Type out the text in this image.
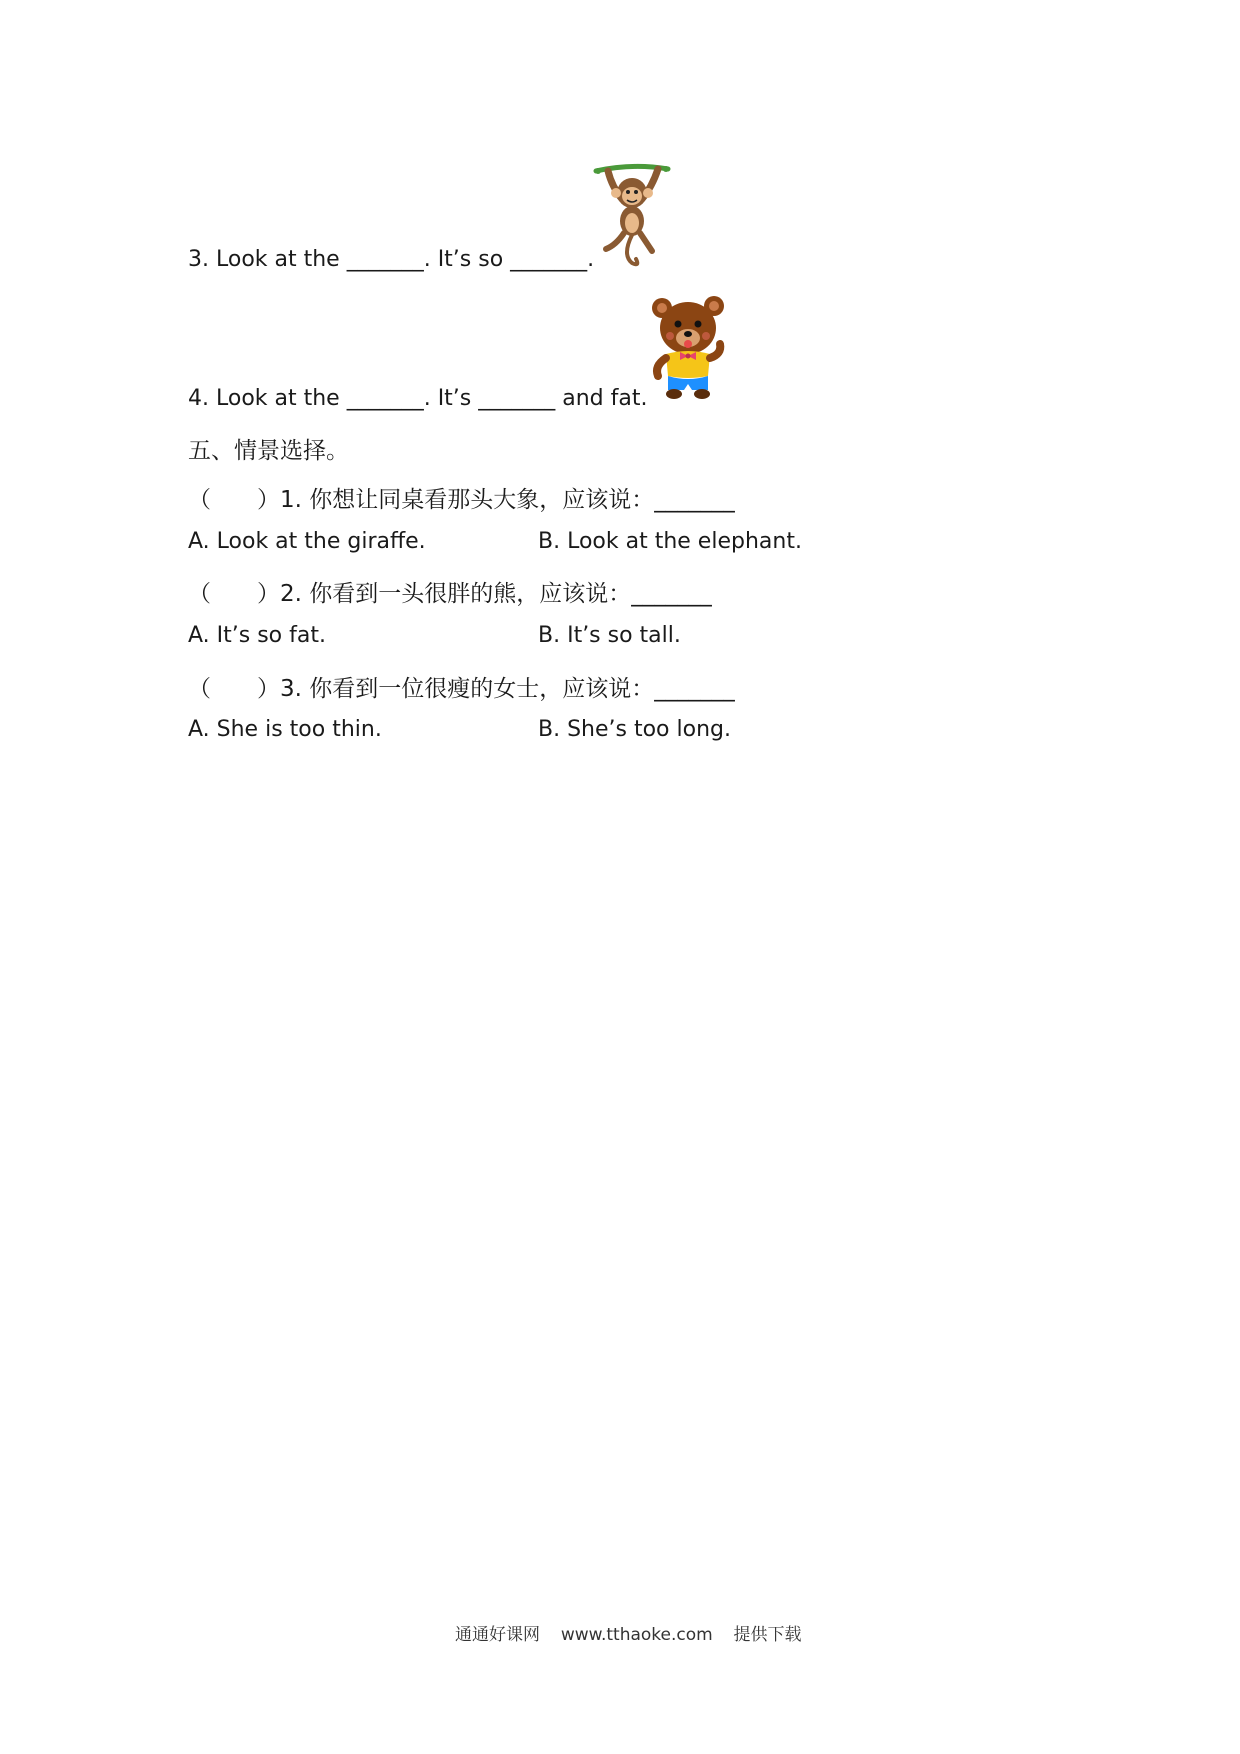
3. Look at the _______. It’s so _______.
4. Look at the _______. It’s _______ and fat.
五、情景选择。
（　　）1. 你想让同桌看那头大象，应该说：_______
A. Look at the giraffe.	B. Look at the elephant.
（　　）2. 你看到一头很胖的熊，应该说：_______
A. It’s so fat.	B. It’s so tall.
（　　）3. 你看到一位很瘦的女士，应该说：_______
A. She is too thin.	B. She’s too long.
通通好课网 www.tthaoke.com 提供下载
